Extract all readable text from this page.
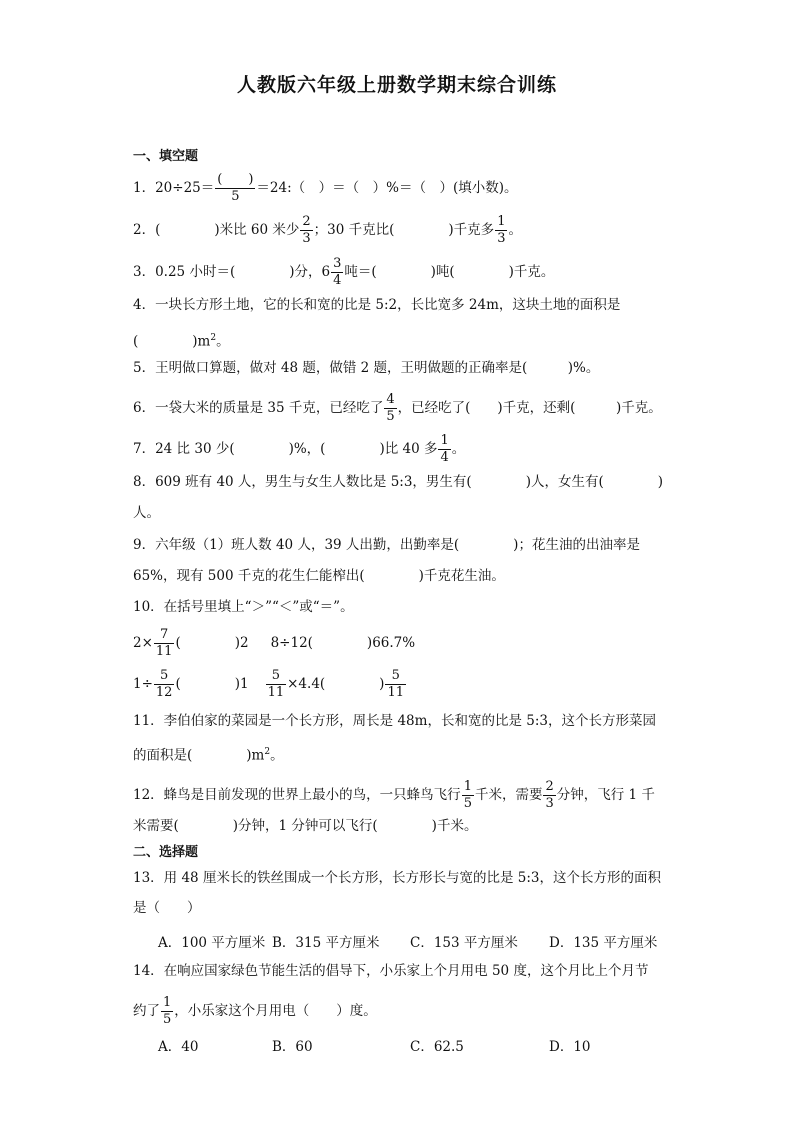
人教版六年级上册数学期末综合训练
一、填空题
1．20÷25＝
(　　)
5
＝24:（　）＝（　）%＝（　）(填小数)。
2．(　　　　)米比 60 米少 $\frac{2}{3}$ ；30 千克比(　　　　)千克多 $\frac{1}{3}$ 。
3．0.25 小时＝(　　　　)分，$6 \frac{3}{4}$ 吨＝(　　　　)吨(　　　　)千克。
4．一块长方形土地，它的长和宽的比是 5:2，长比宽多 24m，这块土地的面积是
(　　　　)$m^2$。
5．王明做口算题，做对 48 题，做错 2 题，王明做题的正确率是(　　　)%。
6．一袋大米的质量是 35 千克，已经吃了 $\frac{4}{5}$ ，已经吃了(　　)千克，还剩(　　　)千克。
7．24 比 30 少(　　　　)%，(　　　　)比 40 多 $\frac{1}{4}$ 。
8．609 班有 40 人，男生与女生人数比是 5:3，男生有(　　　　)人，女生有(　　　　)
人。
9．六年级（1）班人数 40 人，39 人出勤，出勤率是(　　　　)；花生油的出油率是
65%，现有 500 千克的花生仁能榨出(　　　　)千克花生油。
10．在括号里填上“＞”“＜”或“＝”。
$2\times \frac{7}{11}$ (　　　　)2 8÷12(　　　　)66.7%
$1\div \frac{5}{12}$ (　　　　)$1 \frac{5}{11} \times 4.4$(　　　　) $\frac{5}{11}$
11．李伯伯家的菜园是一个长方形，周长是 48m，长和宽的比是 5:3，这个长方形菜园
的面积是(　　　　)$m^2$。
12．蜂鸟是目前发现的世界上最小的鸟，一只蜂鸟飞行 $\frac{1}{5}$ 千米，需要 $\frac{2}{3}$ 分钟，飞行 1 千
米需要(　　　　)分钟，1 分钟可以飞行(　　　　)千米。
二、选择题
13．用 48 厘米长的铁丝围成一个长方形，长方形长与宽的比是 5:3，这个长方形的面积
是（　　）
A．100 平方厘米 B．315 平方厘米 C．153 平方厘米 D．135 平方厘米
14．在响应国家绿色节能生活的倡导下，小乐家上个月用电 50 度，这个月比上个月节
约了 $\frac{1}{5}$ ，小乐家这个月用电（　　）度。
A．40	B．60	C．62.5	D．10
